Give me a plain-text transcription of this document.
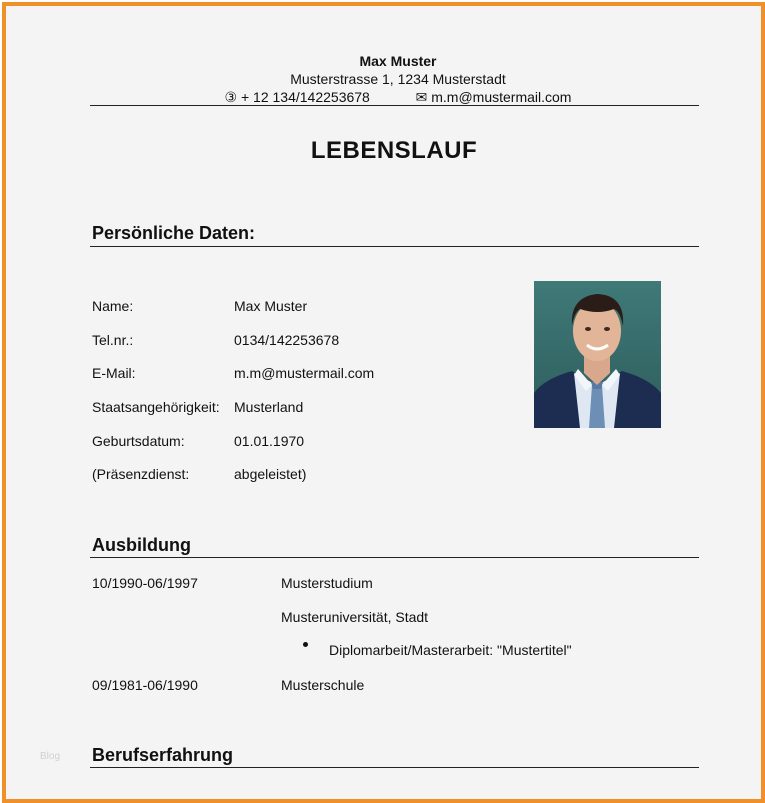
Max Muster
Musterstrasse 1, 1234 Musterstadt
③ + 12 134/142253678	✉ m.m@mustermail.com
LEBENSLAUF
Persönliche Daten:
Name:	Max Muster
Tel.nr.:	0134/142253678
E-Mail:	m.m@mustermail.com
Staatsangehörigkeit: Musterland
Geburtsdatum:	01.01.1970
(Präsenzdienst:	abgeleistet)
Ausbildung
10/1990-06/1997	Musterstudium
Musteruniversität, Stadt
Diplomarbeit/Masterarbeit: "Mustertitel"
09/1981-06/1990	Musterschule
Berufserfahrung
Blog
